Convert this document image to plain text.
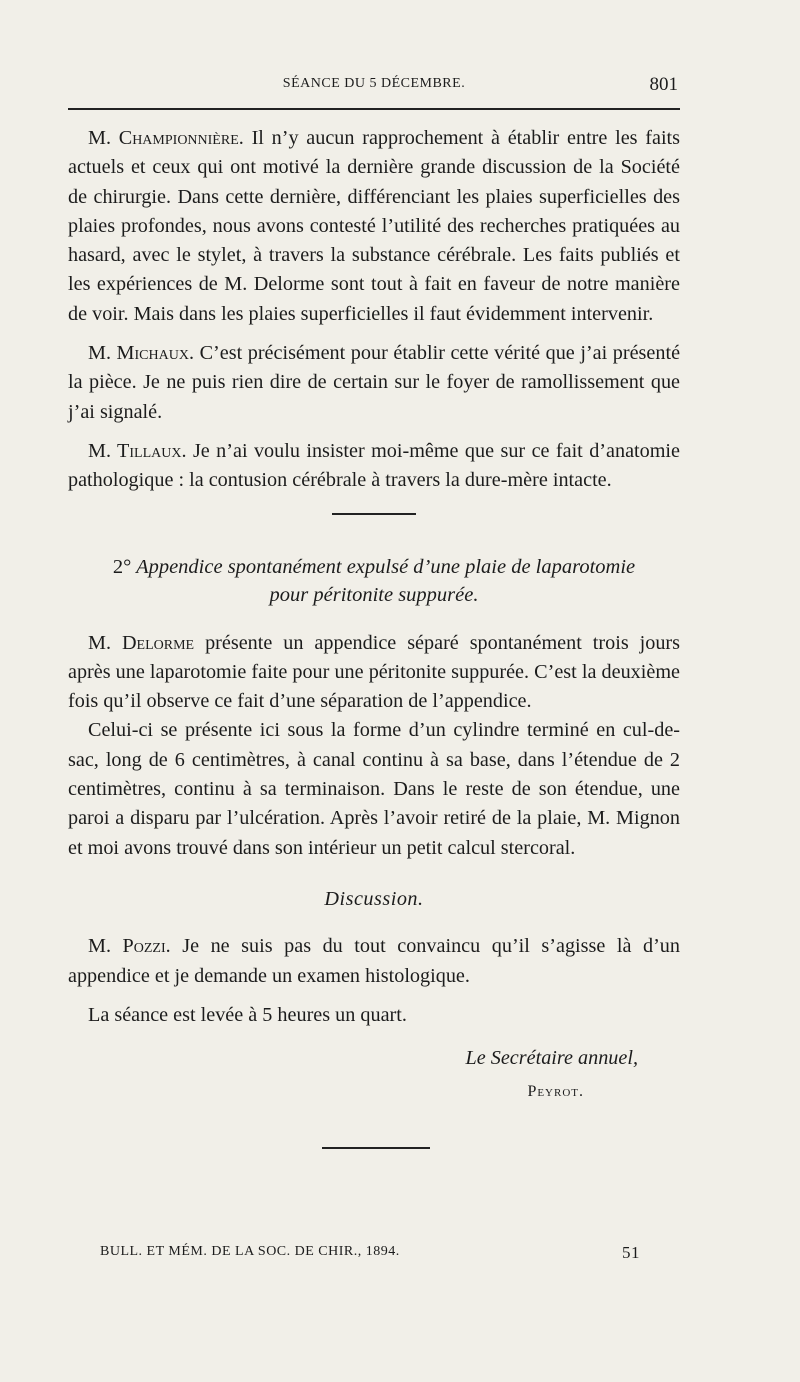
SÉANCE DU 5 DÉCEMBRE.	801

M. Championnière. Il n’y aucun rapprochement à établir entre les faits actuels et ceux qui ont motivé la dernière grande discussion de la Société de chirurgie. Dans cette dernière, différenciant les plaies superficielles des plaies profondes, nous avons contesté l’utilité des recherches pratiquées au hasard, avec le stylet, à travers la substance cérébrale. Les faits publiés et les expériences de M. Delorme sont tout à fait en faveur de notre manière de voir. Mais dans les plaies superficielles il faut évidemment intervenir.

M. Michaux. C’est précisément pour établir cette vérité que j’ai présenté la pièce. Je ne puis rien dire de certain sur le foyer de ramollissement que j’ai signalé.

M. Tillaux. Je n’ai voulu insister moi-même que sur ce fait d’anatomie pathologique : la contusion cérébrale à travers la dure-mère intacte.

2° Appendice spontanément expulsé d’une plaie de laparotomie
pour péritonite suppurée.

M. Delorme présente un appendice séparé spontanément trois jours après une laparotomie faite pour une péritonite suppurée. C’est la deuxième fois qu’il observe ce fait d’une séparation de l’appendice.

Celui-ci se présente ici sous la forme d’un cylindre terminé en cul-de-sac, long de 6 centimètres, à canal continu à sa base, dans l’étendue de 2 centimètres, continu à sa terminaison. Dans le reste de son étendue, une paroi a disparu par l’ulcération. Après l’avoir retiré de la plaie, M. Mignon et moi avons trouvé dans son intérieur un petit calcul stercoral.

Discussion.

M. Pozzi. Je ne suis pas du tout convaincu qu’il s’agisse là d’un appendice et je demande un examen histologique.

La séance est levée à 5 heures un quart.

Le Secrétaire annuel,
Peyrot.
BULL. ET MÉM. DE LA SOC. DE CHIR., 1894.	51
